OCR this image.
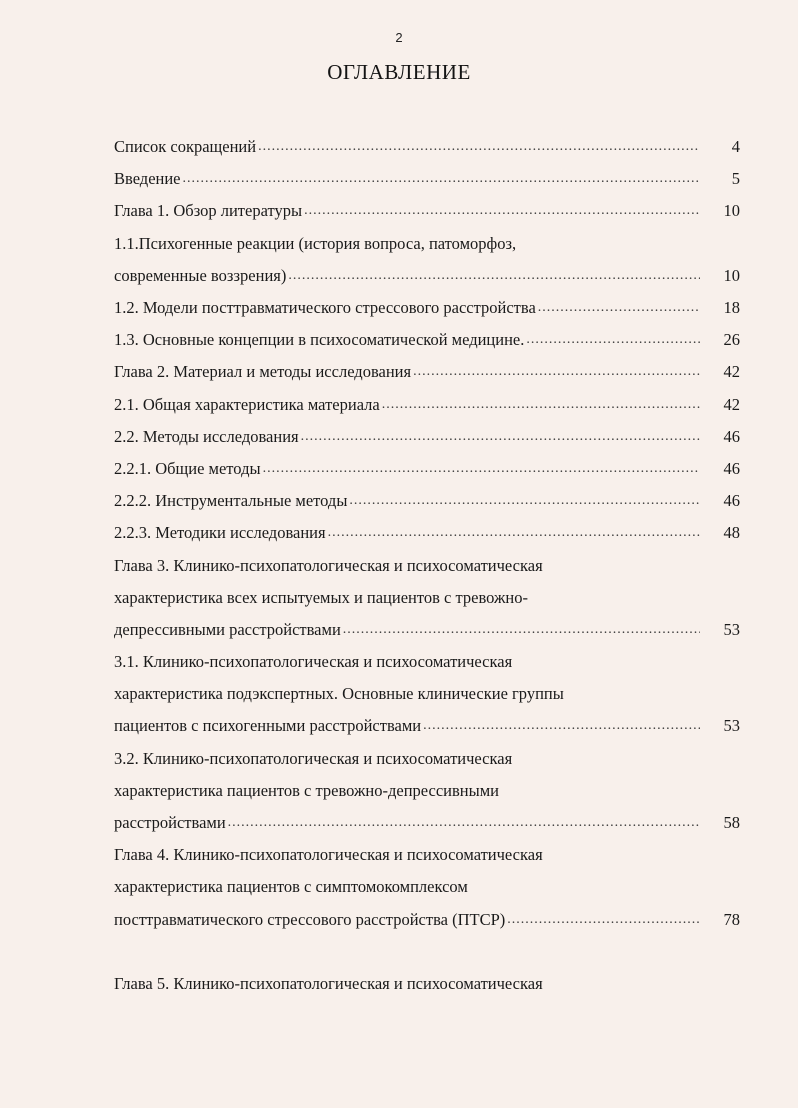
2
ОГЛАВЛЕНИЕ
Список сокращений .....	4
Введение .....	5
Глава 1. Обзор литературы .....	10
1.1.Психогенные реакции (история вопроса, патоморфоз,
современные воззрения) .....	10
1.2. Модели посттравматического стрессового расстройства .....	18
1.3. Основные концепции в психосоматической медицине. .....	26
Глава 2. Материал и методы исследования .....	42
2.1. Общая характеристика материала .....	42
2.2. Методы исследования .....	46
2.2.1. Общие методы .....	46
2.2.2. Инструментальные методы .....	46
2.2.3. Методики исследования .....	48
Глава 3. Клинико-психопатологическая и психосоматическая
характеристика всех испытуемых и пациентов с тревожно-
депрессивными расстройствами .....	53
3.1. Клинико-психопатологическая и психосоматическая
характеристика подэкспертных. Основные клинические группы
пациентов с психогенными расстройствами .....	53
3.2. Клинико-психопатологическая и психосоматическая
характеристика пациентов с тревожно-депрессивными
расстройствами .....	58
Глава 4. Клинико-психопатологическая и психосоматическая
характеристика пациентов с симптомокомплексом
посттравматического стрессового расстройства (ПТСР) .....	78
Глава 5. Клинико-психопатологическая и психосоматическая
